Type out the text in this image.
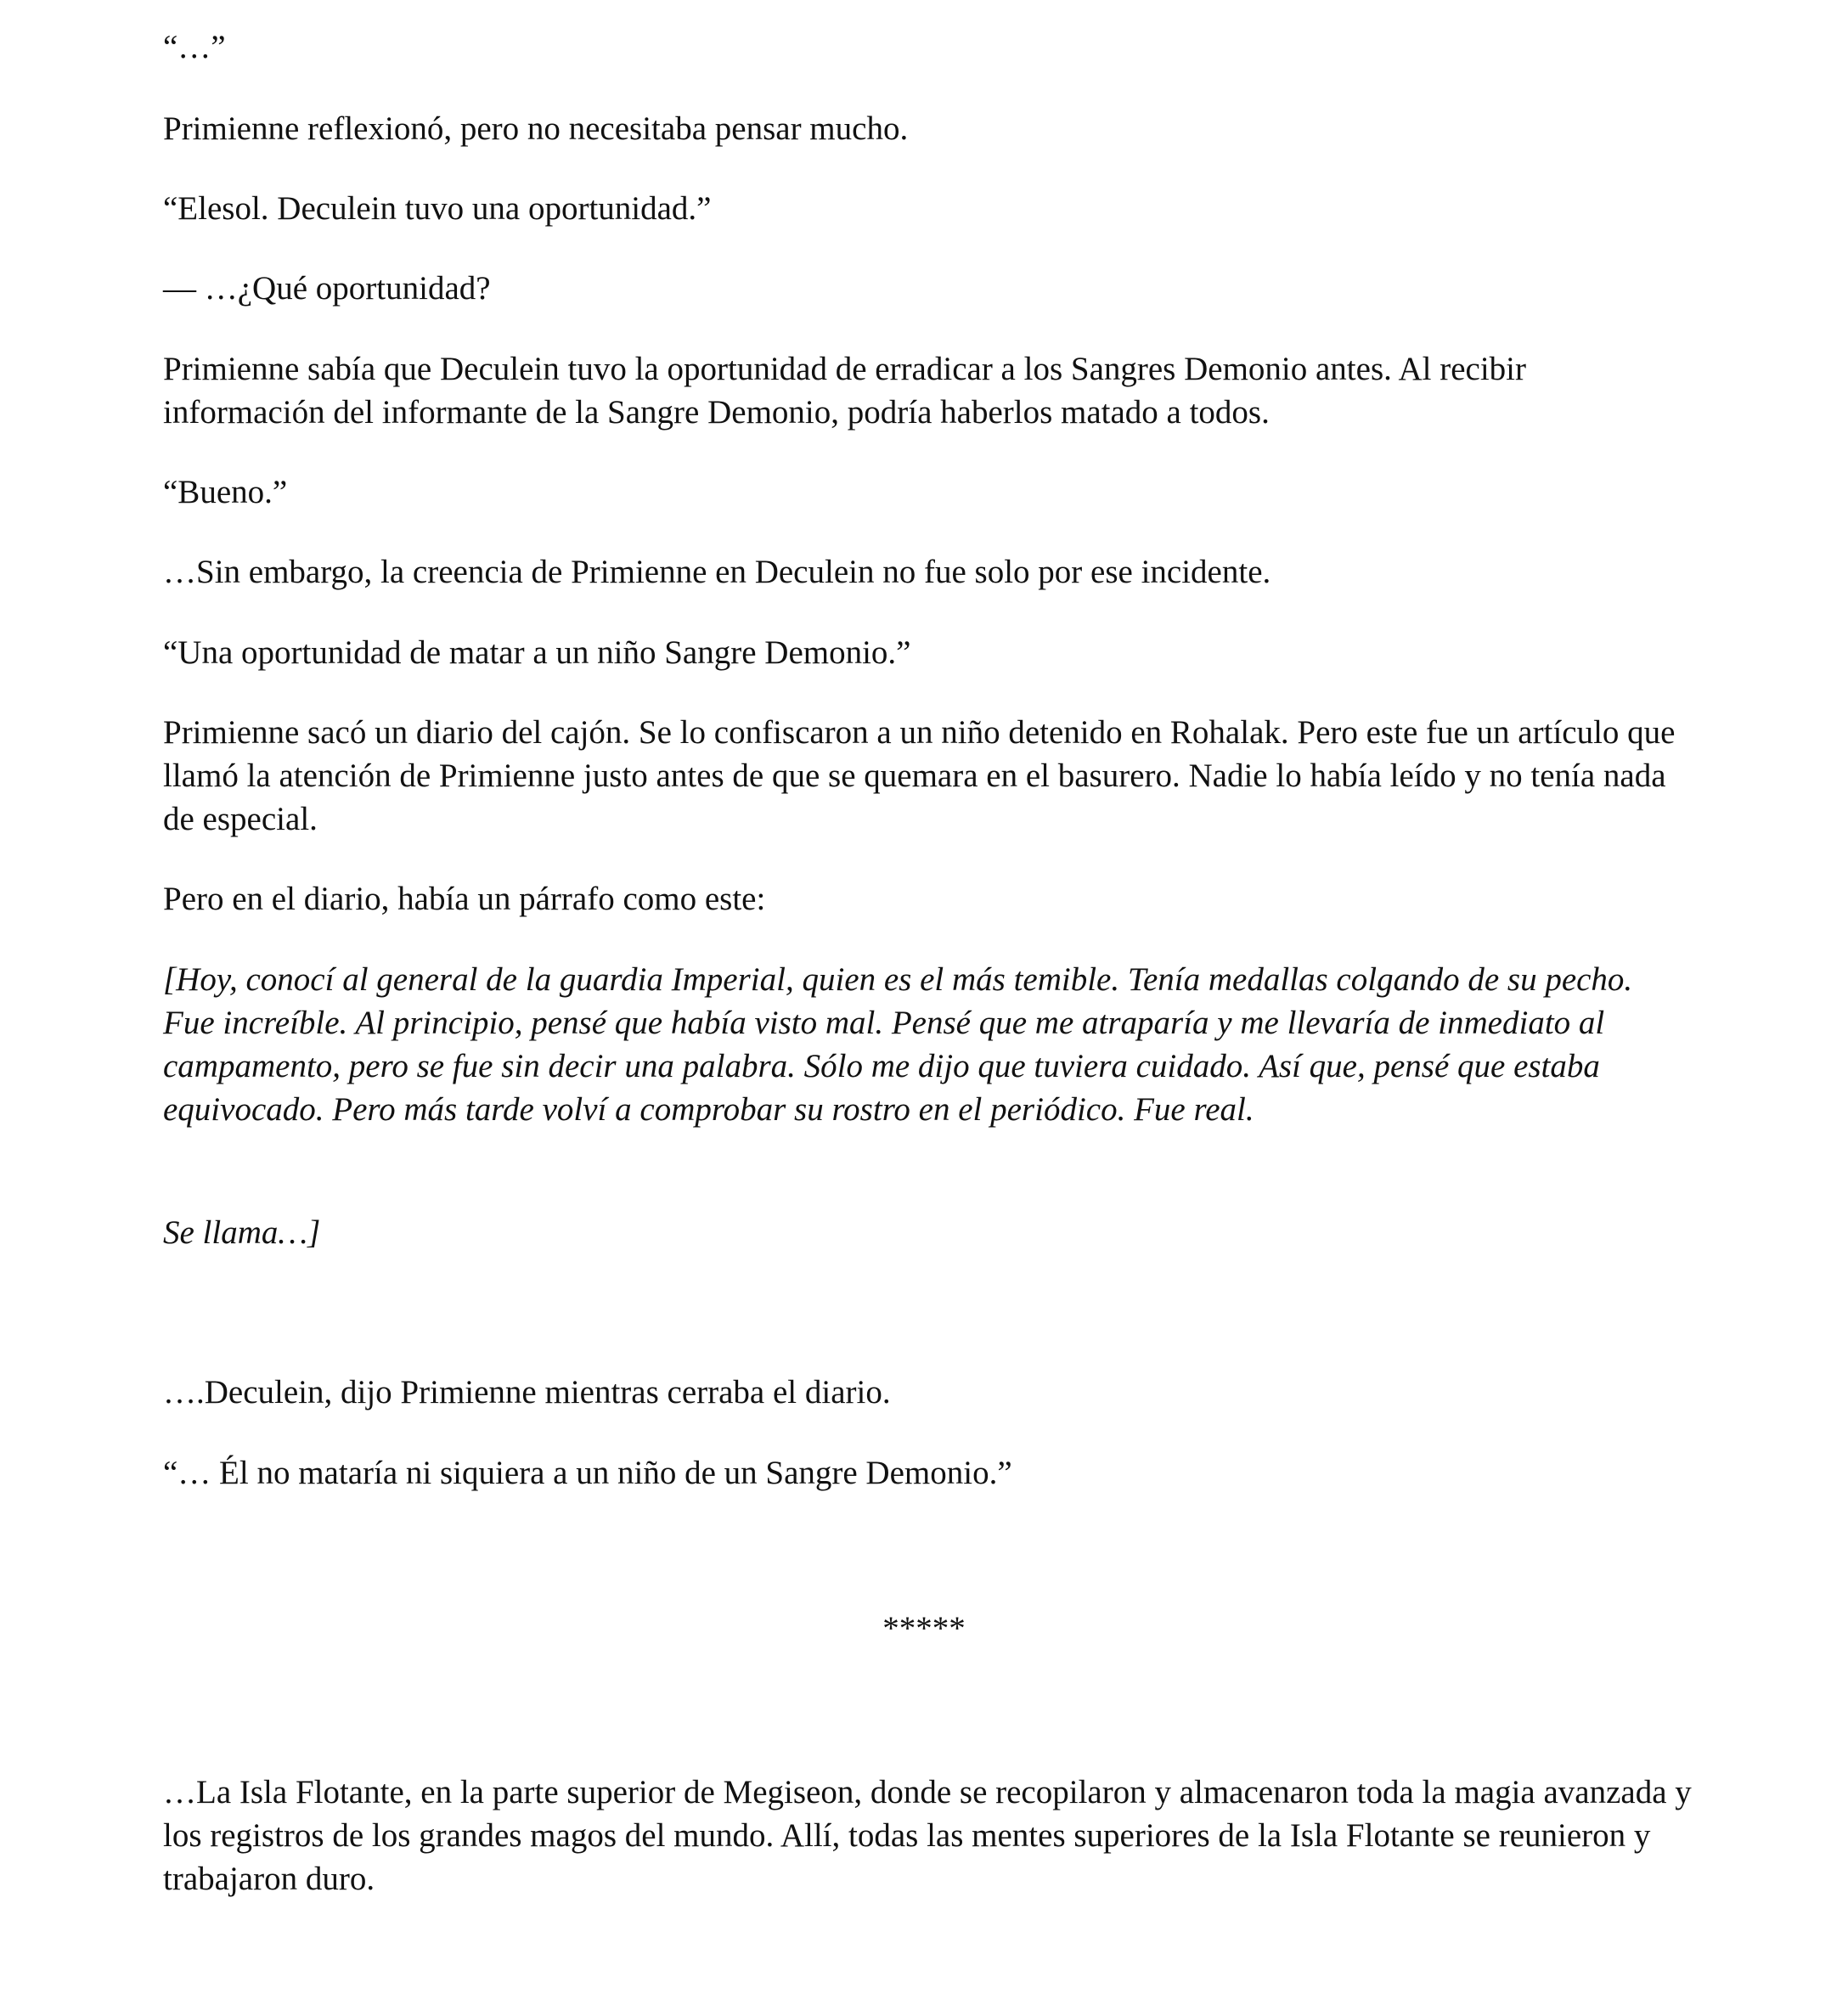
“…”

Primienne reflexionó, pero no necesitaba pensar mucho.

“Elesol. Deculein tuvo una oportunidad.”

— …¿Qué oportunidad?

Primienne sabía que Deculein tuvo la oportunidad de erradicar a los Sangres Demonio antes. Al recibir información del informante de la Sangre Demonio, podría haberlos matado a todos.

“Bueno.”

…Sin embargo, la creencia de Primienne en Deculein no fue solo por ese incidente.

“Una oportunidad de matar a un niño Sangre Demonio.”

Primienne sacó un diario del cajón. Se lo confiscaron a un niño detenido en Rohalak. Pero este fue un artículo que llamó la atención de Primienne justo antes de que se quemara en el basurero. Nadie lo había leído y no tenía nada de especial.

Pero en el diario, había un párrafo como este:

[Hoy, conocí al general de la guardia Imperial, quien es el más temible. Tenía medallas colgando de su pecho. Fue increíble. Al principio, pensé que había visto mal. Pensé que me atraparía y me llevaría de inmediato al campamento, pero se fue sin decir una palabra. Sólo me dijo que tuviera cuidado. Así que, pensé que estaba equivocado. Pero más tarde volví a comprobar su rostro en el periódico. Fue real.

Se llama…]

….Deculein, dijo Primienne mientras cerraba el diario.

“… Él no mataría ni siquiera a un niño de un Sangre Demonio.”

*****

…La Isla Flotante, en la parte superior de Megiseon, donde se recopilaron y almacenaron toda la magia avanzada y los registros de los grandes magos del mundo. Allí, todas las mentes superiores de la Isla Flotante se reunieron y trabajaron duro.
